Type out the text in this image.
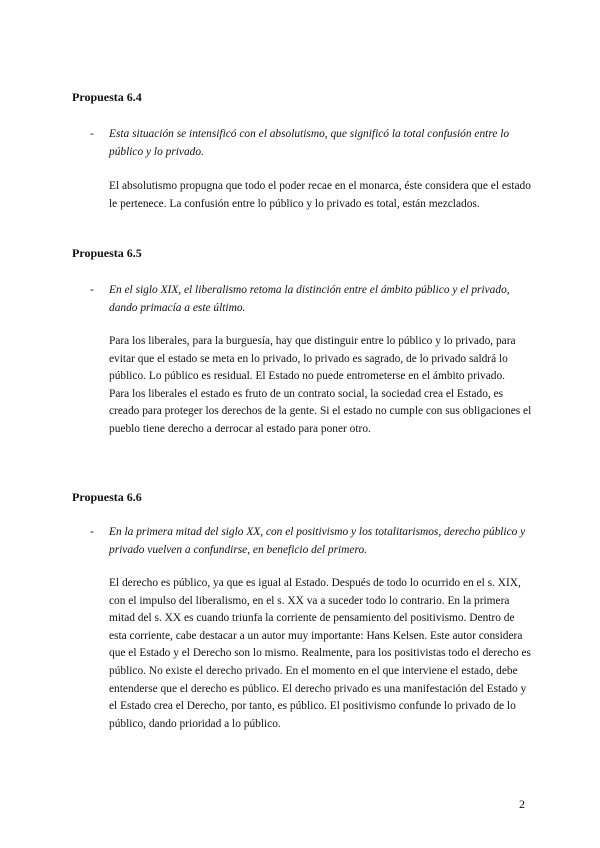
Propuesta 6.4

- Esta situación se intensificó con el absolutismo, que significó la total confusión entre lo público y lo privado.

El absolutismo propugna que todo el poder recae en el monarca, éste considera que el estado le pertenece. La confusión entre lo público y lo privado es total, están mezclados.

Propuesta 6.5

- En el siglo XIX, el liberalismo retoma la distinción entre el ámbito público y el privado, dando primacía a este último.

Para los liberales, para la burguesía, hay que distinguir entre lo público y lo privado, para evitar que el estado se meta en lo privado, lo privado es sagrado, de lo privado saldrá lo público. Lo público es residual. El Estado no puede entrometerse en el ámbito privado.
Para los liberales el estado es fruto de un contrato social, la sociedad crea el Estado, es creado para proteger los derechos de la gente. Si el estado no cumple con sus obligaciones el pueblo tiene derecho a derrocar al estado para poner otro.

Propuesta 6.6

- En la primera mitad del siglo XX, con el positivismo y los totalitarismos, derecho público y privado vuelven a confundirse, en beneficio del primero.

El derecho es público, ya que es igual al Estado. Después de todo lo ocurrido en el s. XIX, con el impulso del liberalismo, en el s. XX va a suceder todo lo contrario. En la primera mitad del s. XX es cuando triunfa la corriente de pensamiento del positivismo. Dentro de esta corriente, cabe destacar a un autor muy importante: Hans Kelsen. Este autor considera que el Estado y el Derecho son lo mismo. Realmente, para los positivistas todo el derecho es público. No existe el derecho privado. En el momento en el que interviene el estado, debe entenderse que el derecho es público. El derecho privado es una manifestación del Estado y el Estado crea el Derecho, por tanto, es público. El positivismo confunde lo privado de lo público, dando prioridad a lo público.

2
